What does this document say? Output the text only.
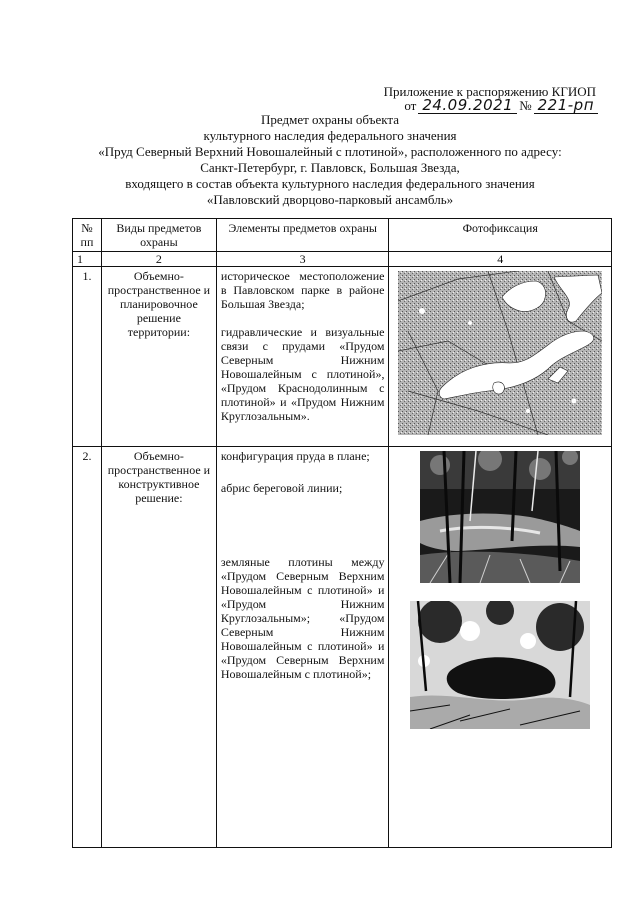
Приложение к распоряжению КГИОП
от 24.09.2021 № 221-рп
Предмет охраны объекта
культурного наследия федерального значения
«Пруд Северный Верхний Новошалейный с плотиной», расположенного по адресу:
Санкт-Петербург, г. Павловск, Большая Звезда,
входящего в состав объекта культурного наследия федерального значения
«Павловский дворцово-парковый ансамбль»
№ пп	Виды предметов охраны	Элементы предметов охраны	Фотофиксация
1	2	3	4
1.	Объемно-пространственное и планировочное решение территории:	историческое местоположение в Павловском парке в районе Большая Звезда;
гидравлические и визуальные связи с прудами «Прудом Северным Нижним Новошалейным с плотиной», «Прудом Краснодолинным с плотиной» и «Прудом Нижним Круглозальным».

2.	Объемно-пространственное и конструктивное решение:	конфигурация пруда в плане;
абрис береговой линии;
земляные плотины между «Прудом Северным Верхним Новошалейным с плотиной» и «Прудом Нижним Круглозальным»; «Прудом Северным Нижним Новошалейным с плотиной» и «Прудом Северным Верхним Новошалейным с плотиной»;
